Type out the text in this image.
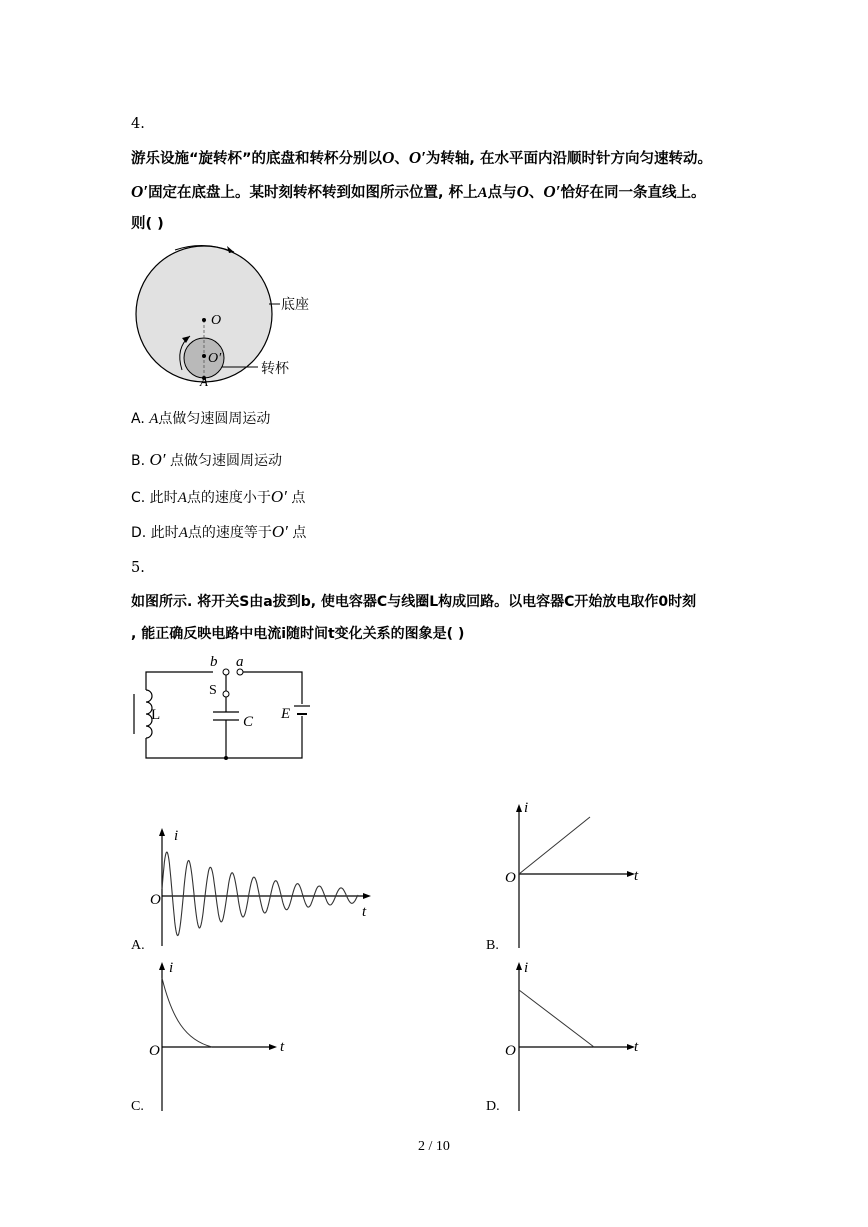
4.
游乐设施“旋转杯”的底盘和转杯分别以O、O′为转轴, 在水平面内沿顺时针方向匀速转动。
O′固定在底盘上。某时刻转杯转到如图所示位置, 杯上A点与O、O′恰好在同一条直线上。
则( )
O
O′
A
底座
转杯
A. A点做匀速圆周运动
B. O′ 点做匀速圆周运动
C. 此时A点的速度小于O′ 点
D. 此时A点的速度等于O′ 点
5.
如图所示. 将开关S由a拔到b, 使电容器C与线圈L构成回路。以电容器C开始放电取作0时刻
, 能正确反映电路中电流i随时间t变化关系的图象是( )
b a
S
L	C E
i
t
O
A.
i
t
O
B.
i
t
O
C.
i
t
O
D.
2 / 10
